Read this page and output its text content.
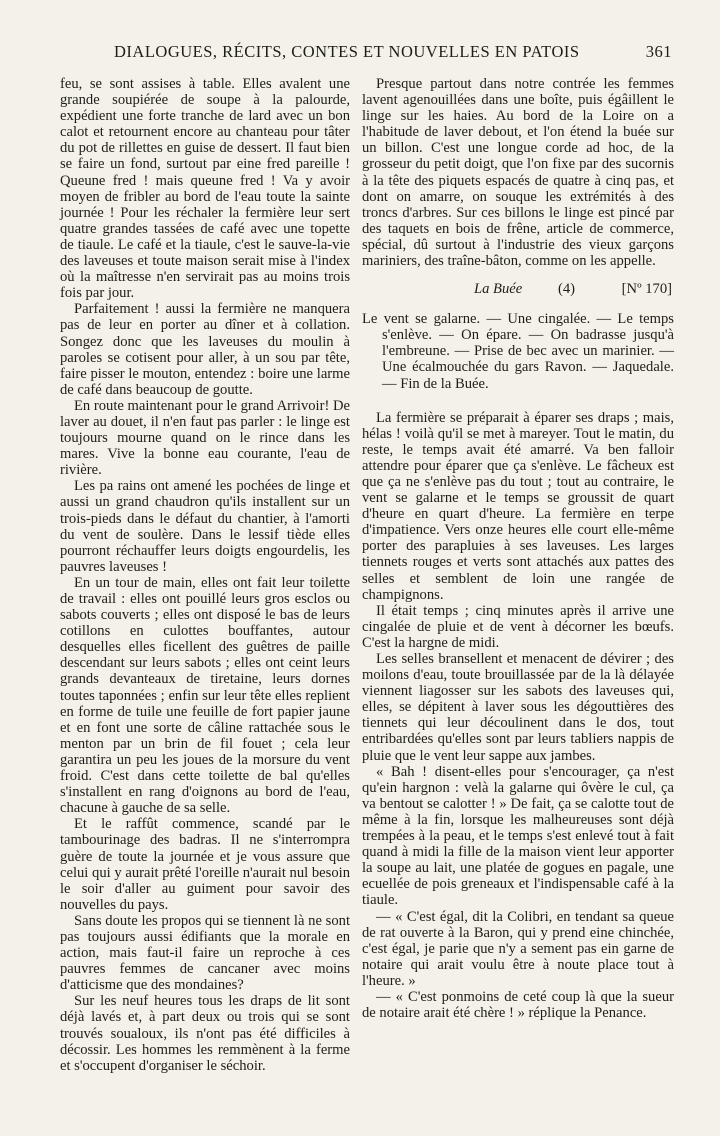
DIALOGUES, RÉCITS, CONTES ET NOUVELLES EN PATOIS	361

feu, se sont assises à table. Elles avalent une grande soupiérée de soupe à la palourde, expédient une forte tranche de lard avec un bon calot et retournent encore au chanteau pour tâter du pot de rillettes en guise de dessert. Il faut bien se faire un fond, surtout par eine fred pareille ! Queune fred ! mais queune fred ! Va y avoir moyen de fribler au bord de l'eau toute la sainte journée ! Pour les réchaler la fermière leur sert quatre grandes tassées de café avec une topette de tiaule. Le café et la tiaule, c'est le sauve-la-vie des laveuses et toute maison serait mise à l'index où la maîtresse n'en servirait pas au moins trois fois par jour.

Parfaitement ! aussi la fermière ne manquera pas de leur en porter au dîner et à collation. Songez donc que les laveuses du moulin à paroles se cotisent pour aller, à un sou par tête, faire pisser le mouton, entendez : boire une larme de café dans beaucoup de goutte.

En route maintenant pour le grand Arrivoir! De laver au douet, il n'en faut pas parler : le linge est toujours mourne quand on le rince dans les mares. Vive la bonne eau courante, l'eau de rivière.

Les pa rains ont amené les pochées de linge et aussi un grand chaudron qu'ils installent sur un trois-pieds dans le défaut du chantier, à l'amorti du vent de soulère. Dans le lessif tiède elles pourront réchauffer leurs doigts engourdelis, les pauvres laveuses !

En un tour de main, elles ont fait leur toilette de travail : elles ont pouillé leurs gros esclos ou sabots couverts ; elles ont disposé le bas de leurs cotillons en culottes bouffantes, autour desquelles elles ficellent des guêtres de paille descendant sur leurs sabots ; elles ont ceint leurs grands devanteaux de tiretaine, leurs dornes toutes taponnées ; enfin sur leur tête elles replient en forme de tuile une feuille de fort papier jaune et en font une sorte de câline rattachée sous le menton par un brin de fil fouet ; cela leur garantira un peu les joues de la morsure du vent froid. C'est dans cette toilette de bal qu'elles s'installent en rang d'oignons au bord de l'eau, chacune à gauche de sa selle.

Et le raffût commence, scandé par le tambourinage des badras. Il ne s'interrompra guère de toute la journée et je vous assure que celui qui y aurait prêté l'oreille n'aurait nul besoin le soir d'aller au guiment pour savoir des nouvelles du pays.

Sans doute les propos qui se tiennent là ne sont pas toujours aussi édifiants que la morale en action, mais faut-il faire un reproche à ces pauvres femmes de cancaner avec moins d'atticisme que des mondaines?

Sur les neuf heures tous les draps de lit sont déjà lavés et, à part deux ou trois qui se sont trouvés soualoux, ils n'ont pas été difficiles à décossir. Les hommes les remmènent à la ferme et s'occupent d'organiser le séchoir.

Presque partout dans notre contrée les femmes lavent agenouillées dans une boîte, puis égâillent le linge sur les haies. Au bord de la Loire on a l'habitude de laver debout, et l'on étend la buée sur un billon. C'est une longue corde ad hoc, de la grosseur du petit doigt, que l'on fixe par des sucornis à la tête des piquets espacés de quatre à cinq pas, et dont on amarre, on souque les extrémités à des troncs d'arbres. Sur ces billons le linge est pincé par des taquets en bois de frêne, article de commerce, spécial, dû surtout à l'industrie des vieux garçons mariniers, des traîne-bâton, comme on les appelle.

La Buée (4)	[Nº 170]

Le vent se galarne. — Une cingalée. — Le temps s'enlève. — On épare. — On badrasse jusqu'à l'embreune. — Prise de bec avec un marinier. — Une écalmouchée du gars Ravon. — Jaquedale. — Fin de la Buée.

La fermière se préparait à éparer ses draps ; mais, hélas ! voilà qu'il se met à mareyer. Tout le matin, du reste, le temps avait été amarré. Va ben falloir attendre pour éparer que ça s'enlève. Le fâcheux est que ça ne s'enlève pas du tout ; tout au contraire, le vent se galarne et le temps se groussit de quart d'heure en quart d'heure. La fermière en terpe d'impatience. Vers onze heures elle court elle-même porter des parapluies à ses laveuses. Les larges tiennets rouges et verts sont attachés aux pattes des selles et semblent de loin une rangée de champignons.

Il était temps ; cinq minutes après il arrive une cingalée de pluie et de vent à décorner les bœufs. C'est la hargne de midi.

Les selles bransellent et menacent de dévirer ; des moilons d'eau, toute brouillassée par de la là délayée viennent liagosser sur les sabots des laveuses qui, elles, se dépitent à laver sous les dégouttières des tiennets qui leur découlinent dans le dos, tout entribardées qu'elles sont par leurs tabliers nappis de pluie que le vent leur sappe aux jambes.

« Bah ! disent-elles pour s'encourager, ça n'est qu'ein hargnon : velà la galarne qui ôvère le cul, ça va bentout se calotter ! » De fait, ça se calotte tout de même à la fin, lorsque les malheureuses sont déjà trempées à la peau, et le temps s'est enlevé tout à fait quand à midi la fille de la maison vient leur apporter la soupe au lait, une platée de gogues en pagale, une ecuellée de pois greneaux et l'indispensable café à la tiaule.

— « C'est égal, dit la Colibri, en tendant sa queue de rat ouverte à la Baron, qui y prend eine chinchée, c'est égal, je parie que n'y a sement pas ein garne de notaire qui arait voulu être à noute place tout à l'heure. »

— « C'est ponmoins de ceté coup là que la sueur de notaire arait été chère ! » réplique la Penance.
